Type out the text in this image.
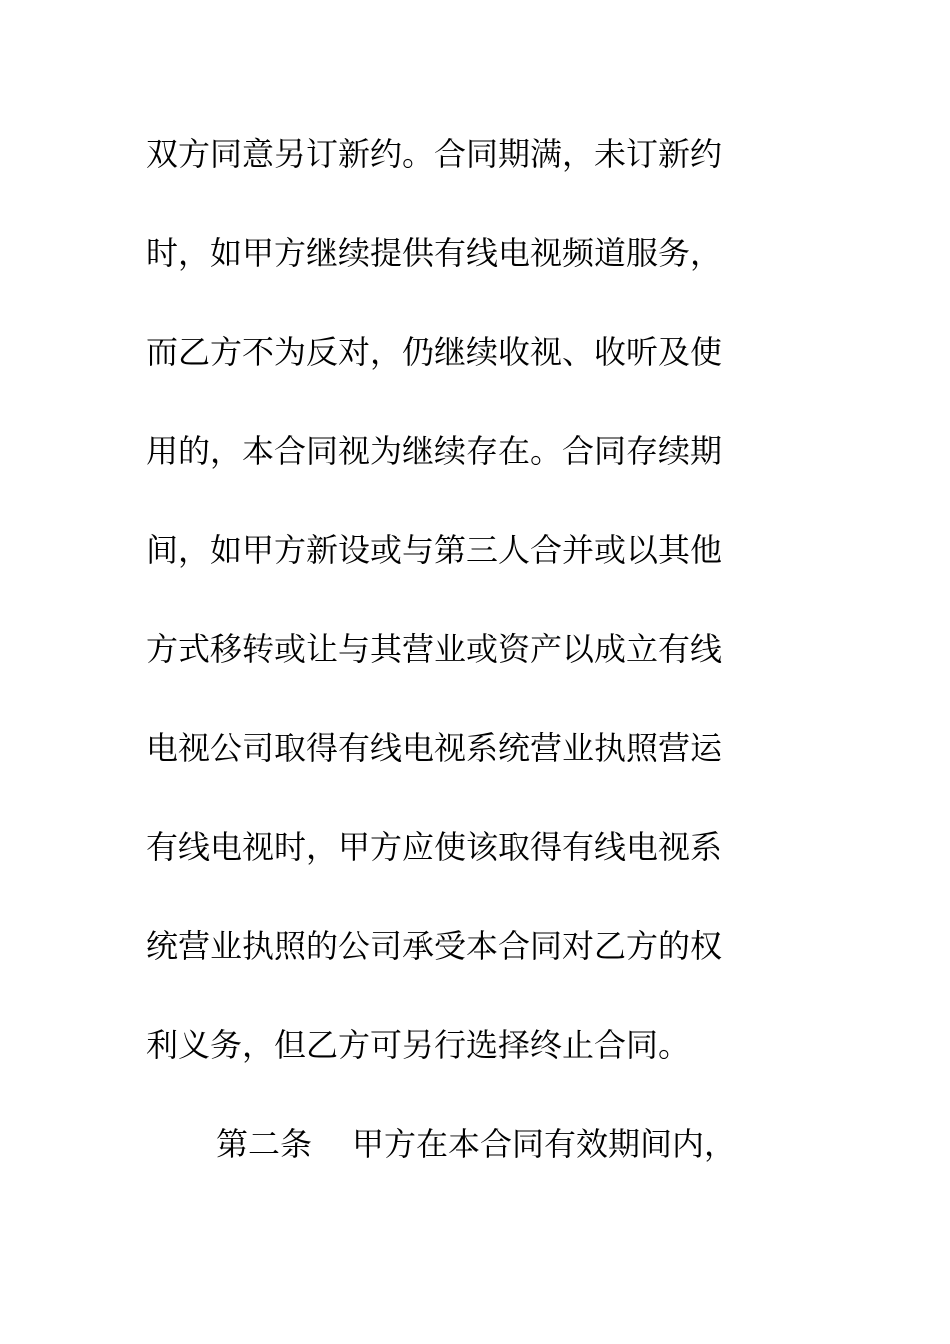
双方同意另订新约。合同期满，未订新约
时，如甲方继续提供有线电视频道服务，
而乙方不为反对，仍继续收视、收听及使
用的，本合同视为继续存在。合同存续期
间，如甲方新设或与第三人合并或以其他
方式移转或让与其营业或资产以成立有线
电视公司取得有线电视系统营业执照营运
有线电视时，甲方应使该取得有线电视系
统营业执照的公司承受本合同对乙方的权
利义务，但乙方可另行选择终止合同。
第二条 甲方在本合同有效期间内，
